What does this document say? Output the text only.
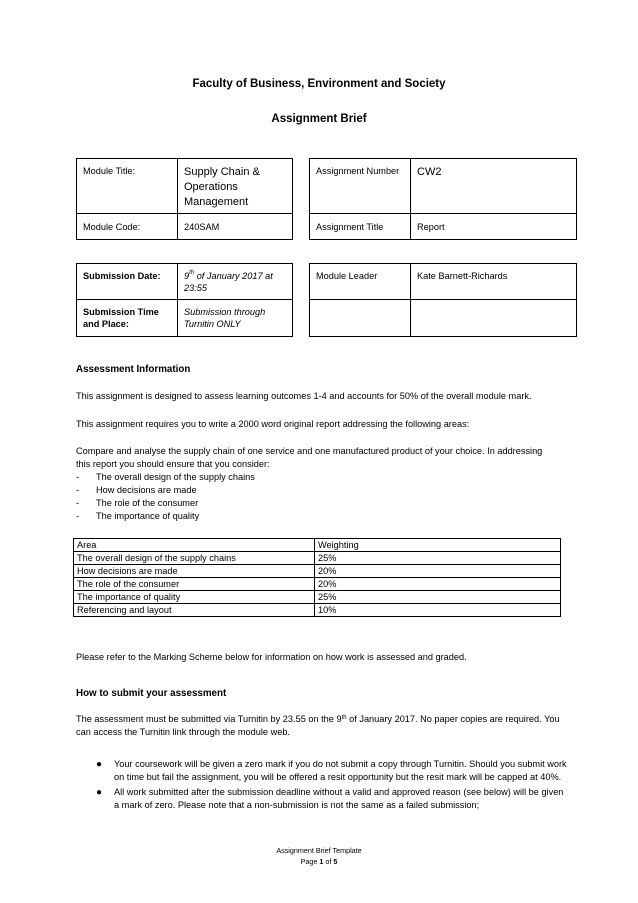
Faculty of Business, Environment and Society
Assignment Brief
Module Title:	Supply Chain & Operations Management		Assignment Number	CW2
Module Code:	240SAM		Assignment Title	Report
Submission Date:	9th of January 2017 at 23:55		Module Leader	Kate Barnett-Richards
Submission Time and Place:	Submission through Turnitin ONLY			
Assessment Information
This assignment is designed to assess learning outcomes 1-4 and accounts for 50% of the overall module mark.
This assignment requires you to write a 2000 word original report addressing the following areas:
Compare and analyse the supply chain of one service and one manufactured product of your choice. In addressing this report you should ensure that you consider:
- The overall design of the supply chains
- How decisions are made
- The role of the consumer
- The importance of quality
Area	Weighting
The overall design of the supply chains	25%
How decisions are made	20%
The role of the consumer	20%
The importance of quality	25%
Referencing and layout	10%
Please refer to the Marking Scheme below for information on how work is assessed and graded.
How to submit your assessment
The assessment must be submitted via Turnitin by 23.55 on the 9th of January 2017. No paper copies are required. You can access the Turnitin link through the module web.
● Your coursework will be given a zero mark if you do not submit a copy through Turnitin. Should you submit work on time but fail the assignment, you will be offered a resit opportunity but the resit mark will be capped at 40%.
● All work submitted after the submission deadline without a valid and approved reason (see below) will be given a mark of zero. Please note that a non-submission is not the same as a failed submission;
Assignment Brief Template
Page 1 of 5
